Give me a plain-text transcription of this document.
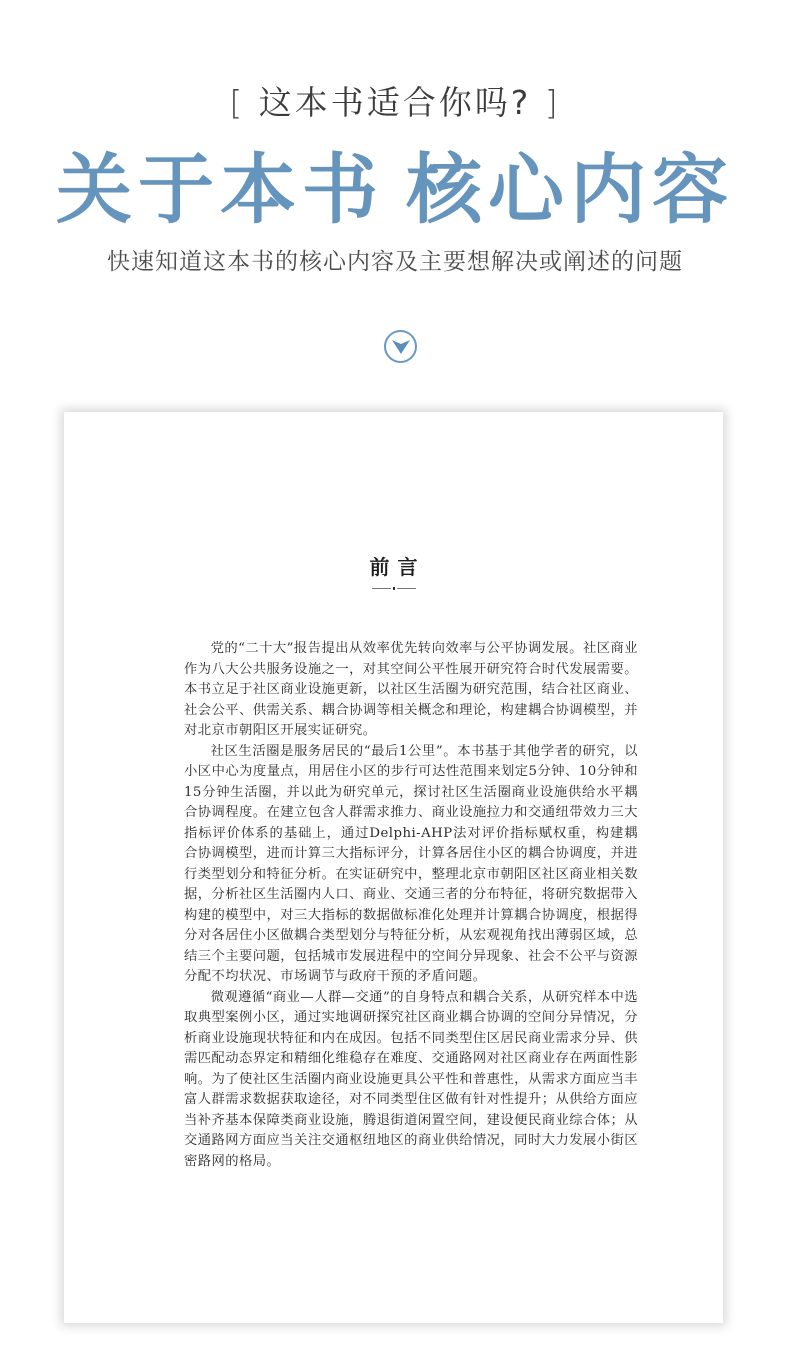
[ 这本书适合你吗? ]
关于本书 核心内容
快速知道这本书的核心内容及主要想解决或阐述的问题
前言

党的“二十大”报告提出从效率优先转向效率与公平协调发展。社区商业作为八大公共服务设施之一，对其空间公平性展开研究符合时代发展需要。本书立足于社区商业设施更新，以社区生活圈为研究范围，结合社区商业、社会公平、供需关系、耦合协调等相关概念和理论，构建耦合协调模型，并对北京市朝阳区开展实证研究。

社区生活圈是服务居民的“最后1公里”。本书基于其他学者的研究，以小区中心为度量点，用居住小区的步行可达性范围来划定5分钟、10分钟和15分钟生活圈，并以此为研究单元，探讨社区生活圈商业设施供给水平耦合协调程度。在建立包含人群需求推力、商业设施拉力和交通纽带效力三大指标评价体系的基础上，通过Delphi-AHP法对评价指标赋权重，构建耦合协调模型，进而计算三大指标评分，计算各居住小区的耦合协调度，并进行类型划分和特征分析。在实证研究中，整理北京市朝阳区社区商业相关数据，分析社区生活圈内人口、商业、交通三者的分布特征，将研究数据带入构建的模型中，对三大指标的数据做标准化处理并计算耦合协调度，根据得分对各居住小区做耦合类型划分与特征分析，从宏观视角找出薄弱区域，总结三个主要问题，包括城市发展进程中的空间分异现象、社会不公平与资源分配不均状况、市场调节与政府干预的矛盾问题。

微观遵循“商业—人群—交通”的自身特点和耦合关系，从研究样本中选取典型案例小区，通过实地调研探究社区商业耦合协调的空间分异情况，分析商业设施现状特征和内在成因。包括不同类型住区居民商业需求分异、供需匹配动态界定和精细化维稳存在难度、交通路网对社区商业存在两面性影响。为了使社区生活圈内商业设施更具公平性和普惠性，从需求方面应当丰富人群需求数据获取途径，对不同类型住区做有针对性提升；从供给方面应当补齐基本保障类商业设施，腾退街道闲置空间，建设便民商业综合体；从交通路网方面应当关注交通枢纽地区的商业供给情况，同时大力发展小街区密路网的格局。
